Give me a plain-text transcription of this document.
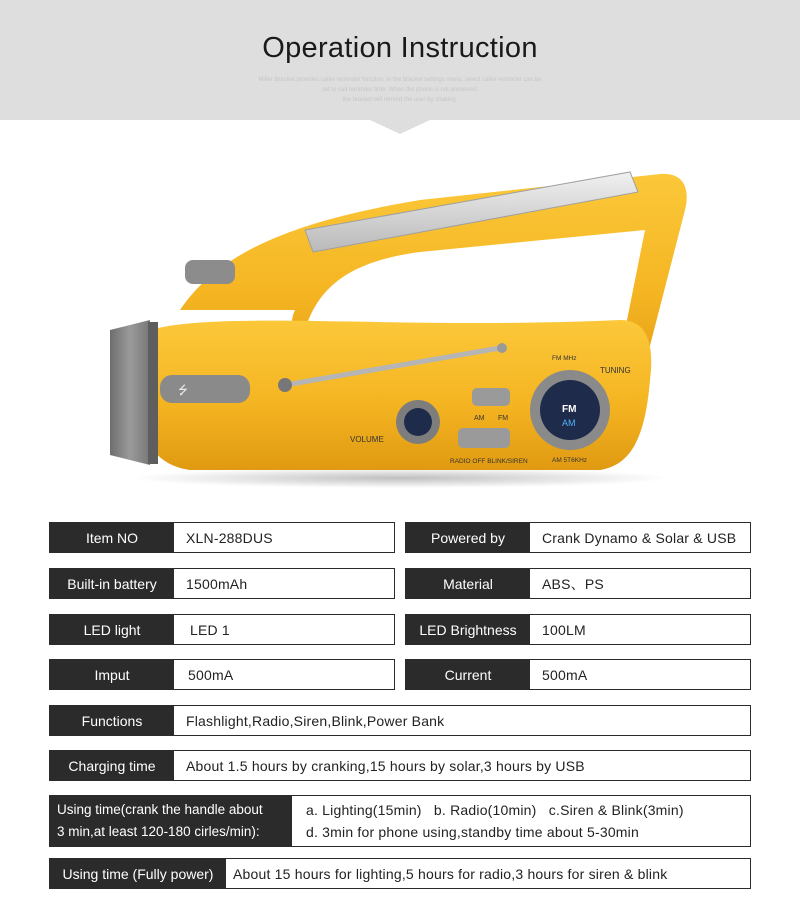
Operation Instruction
Miller Bracket provides caller reminder function, in the bracket settings menu, select caller reminder can be
set to call reminder time. When the phone is not answered,
the bracket will remind the user by shaking.
⭍
VOLUME
AM FM
RADIO OFF BLINK/SIREN
FM
AM
FM MHz
TUNING
AM 5T6KHz
Item NO	XLN-288DUS	Powered by	Crank Dynamo & Solar & USB
Built-in battery	1500mAh	Material	ABS、PS
LED light	LED 1	LED Brightness	100LM
Imput	500mA	Current	500mA
Functions	Flashlight,Radio,Siren,Blink,Power Bank
Charging time	About 1.5 hours by cranking,15 hours by solar,3 hours by USB
Using time(crank the handle about
3 min,at least 120-180 cirles/min):
a. Lighting(15min)   b. Radio(10min)   c.Siren & Blink(3min)
d. 3min for phone using,standby time about 5-30min
Using time (Fully power)	About 15 hours for lighting,5 hours for radio,3 hours for siren & blink
